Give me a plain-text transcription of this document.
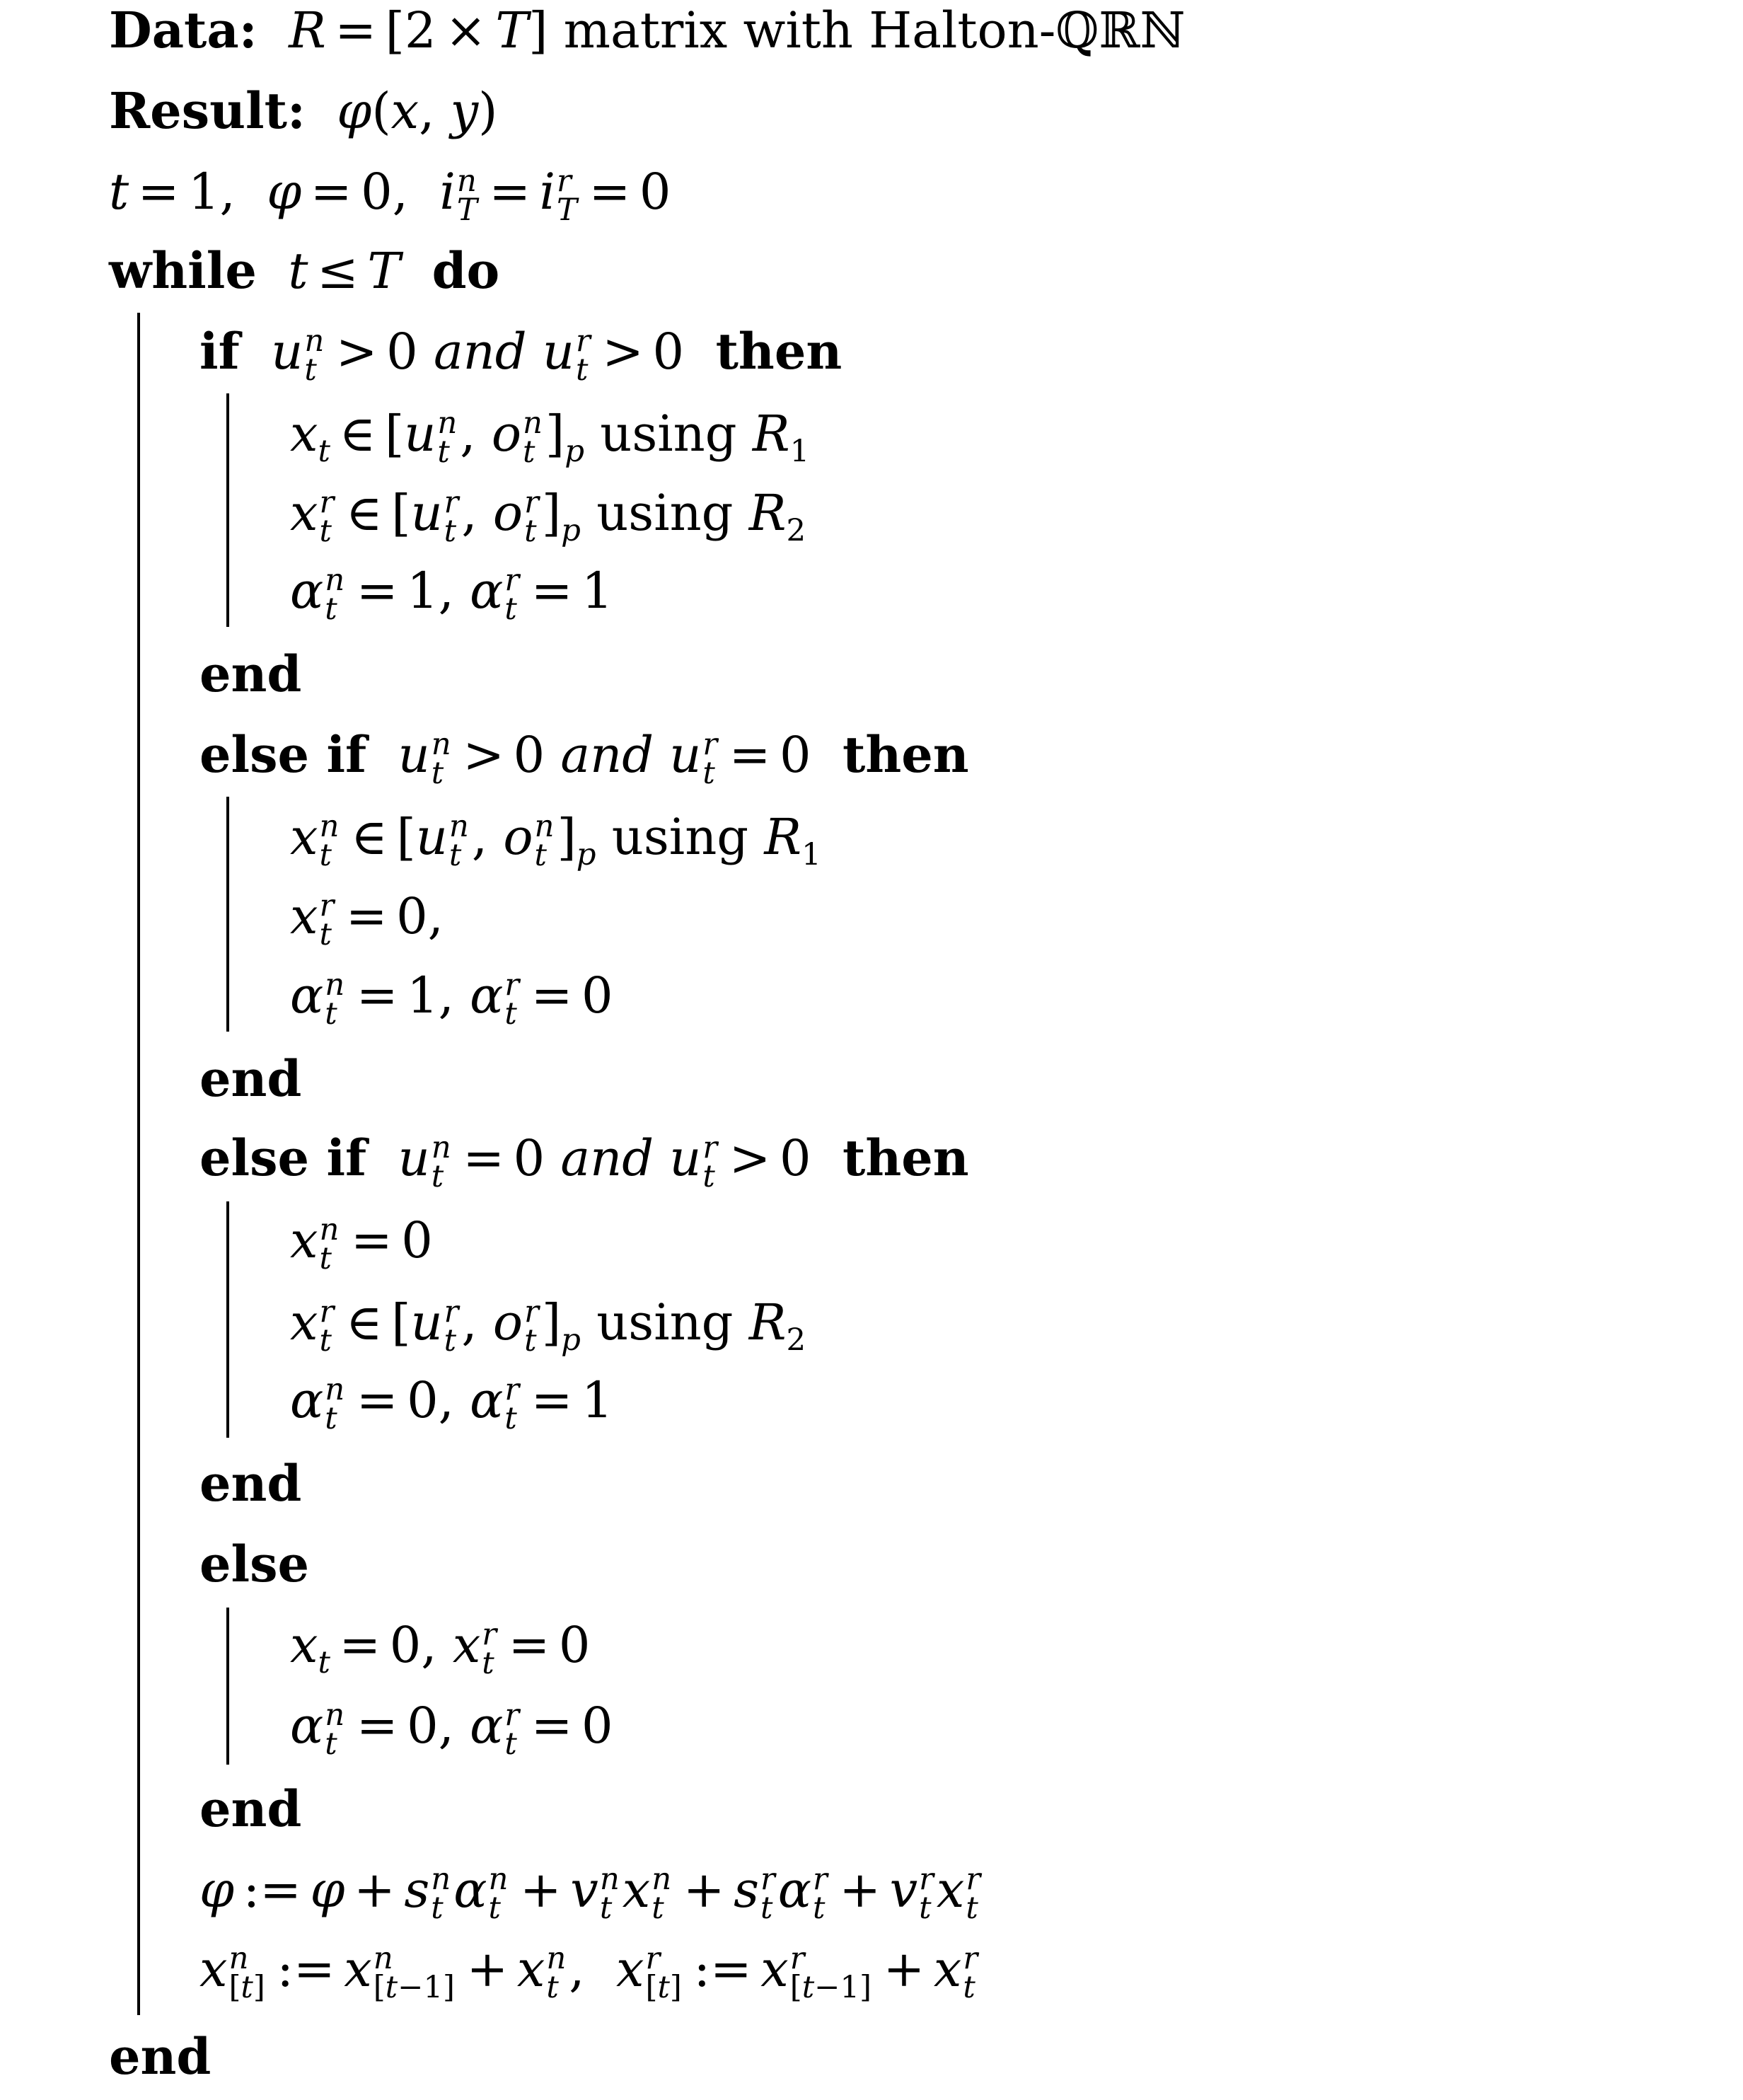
Data:  R = [2 × T] matrix with Halton-ℚℝℕ
Result:  φ(x, y)
t = 1,  φ = 0,  i n
T = i r
T = 0
while  t ≤ T  do
if  u n
t > 0 and u r
t > 0  then
$x_t$ ∈ [u n
t , o n
t ]$_p$ using $R_1$
x r
t ∈ [u r
t , o r
t ]$_p$ using $R_2$
α n
t = 1, α r
t = 1
end
else if  u n
t > 0 and u r
t = 0  then
x n
t ∈ [u n
t , o n
t ]$_p$ using $R_1$
x r
t = 0,
α n
t = 1, α r
t = 0
end
else if  u n
t = 0 and u r
t > 0  then
x n
t = 0
x r
t ∈ [u r
t , o r
t ]$_p$ using $R_2$
α n
t = 0, α r
t = 1
end
else
$x_t = 0$, x r
t = 0
α n
t = 0, α r
t = 0
end
φ := φ + s n
t α n
t + v n
t x n
t + s r
t α r
t + v r
t x r
t
x n
[t] := x n
[t−1] + x n
t ,  x r
[t] := x r
[t−1] + x r
t
end
